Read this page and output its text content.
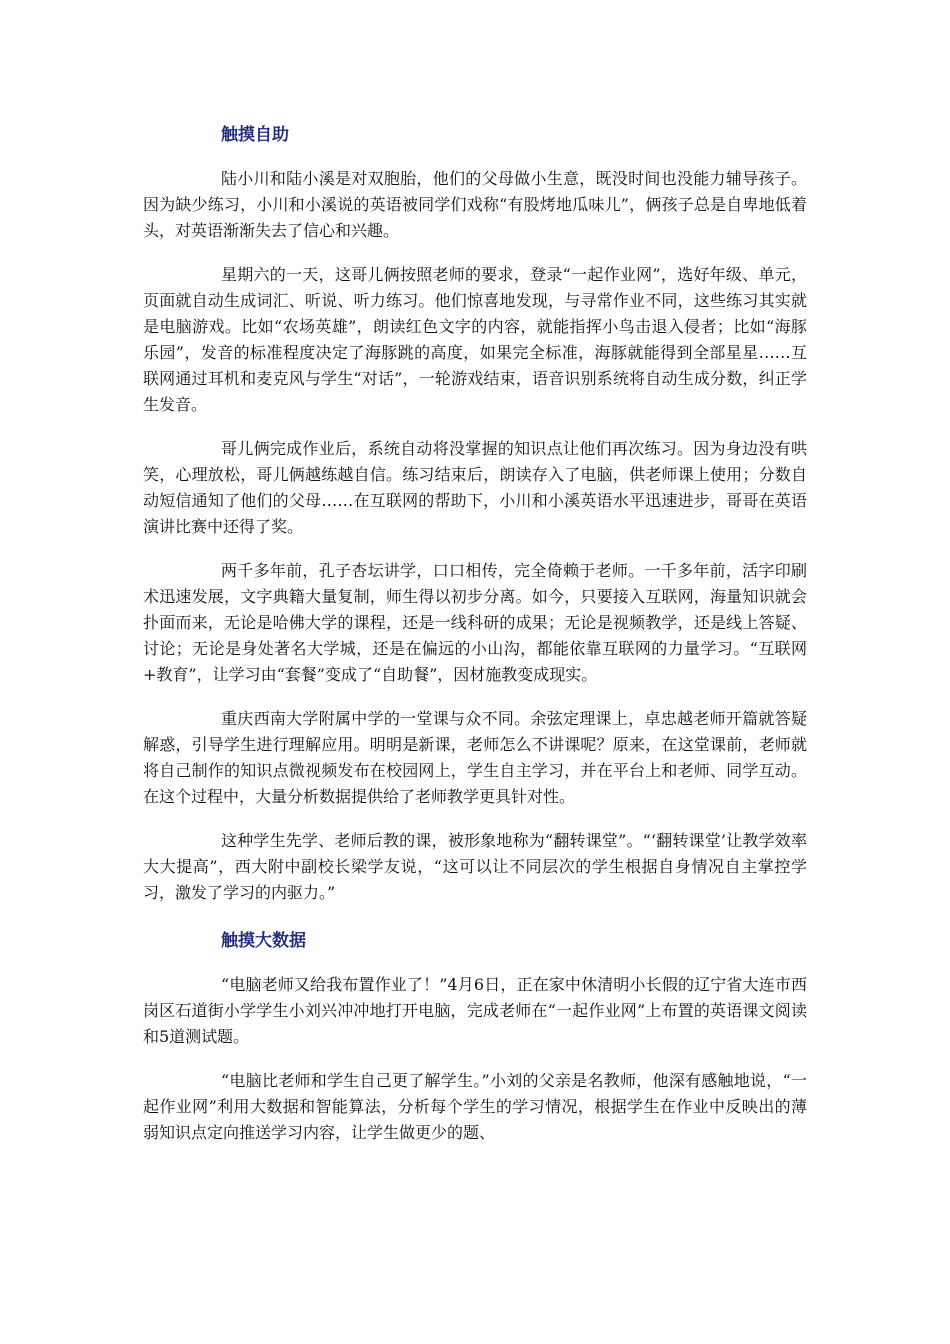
触摸自助

陆小川和陆小溪是对双胞胎，他们的父母做小生意，既没时间也没能力辅导孩子。因为缺少练习，小川和小溪说的英语被同学们戏称“有股烤地瓜味儿”，俩孩子总是自卑地低着头，对英语渐渐失去了信心和兴趣。

星期六的一天，这哥儿俩按照老师的要求，登录“一起作业网”，选好年级、单元，页面就自动生成词汇、听说、听力练习。他们惊喜地发现，与寻常作业不同，这些练习其实就是电脑游戏。比如“农场英雄”，朗读红色文字的内容，就能指挥小鸟击退入侵者；比如“海豚乐园”，发音的标准程度决定了海豚跳的高度，如果完全标准，海豚就能得到全部星星……互联网通过耳机和麦克风与学生“对话”，一轮游戏结束，语音识别系统将自动生成分数，纠正学生发音。

哥儿俩完成作业后，系统自动将没掌握的知识点让他们再次练习。因为身边没有哄笑，心理放松，哥儿俩越练越自信。练习结束后，朗读存入了电脑，供老师课上使用；分数自动短信通知了他们的父母……在互联网的帮助下，小川和小溪英语水平迅速进步，哥哥在英语演讲比赛中还得了奖。

两千多年前，孔子杏坛讲学，口口相传，完全倚赖于老师。一千多年前，活字印刷术迅速发展，文字典籍大量复制，师生得以初步分离。如今，只要接入互联网，海量知识就会扑面而来，无论是哈佛大学的课程，还是一线科研的成果；无论是视频教学，还是线上答疑、讨论；无论是身处著名大学城，还是在偏远的小山沟，都能依靠互联网的力量学习。“互联网+教育”，让学习由“套餐”变成了“自助餐”，因材施教变成现实。

重庆西南大学附属中学的一堂课与众不同。余弦定理课上，卓忠越老师开篇就答疑解惑，引导学生进行理解应用。明明是新课，老师怎么不讲课呢？原来，在这堂课前，老师就将自己制作的知识点微视频发布在校园网上，学生自主学习，并在平台上和老师、同学互动。在这个过程中，大量分析数据提供给了老师教学更具针对性。

这种学生先学、老师后教的课，被形象地称为“翻转课堂”。“‘翻转课堂’让教学效率大大提高”，西大附中副校长梁学友说，“这可以让不同层次的学生根据自身情况自主掌控学习，激发了学习的内驱力。”

触摸大数据

“电脑老师又给我布置作业了！”4月6日，正在家中休清明小长假的辽宁省大连市西岗区石道街小学学生小刘兴冲冲地打开电脑，完成老师在“一起作业网”上布置的英语课文阅读和5道测试题。

“电脑比老师和学生自己更了解学生。”小刘的父亲是名教师，他深有感触地说，“一起作业网”利用大数据和智能算法，分析每个学生的学习情况，根据学生在作业中反映出的薄弱知识点定向推送学习内容，让学生做更少的题、
